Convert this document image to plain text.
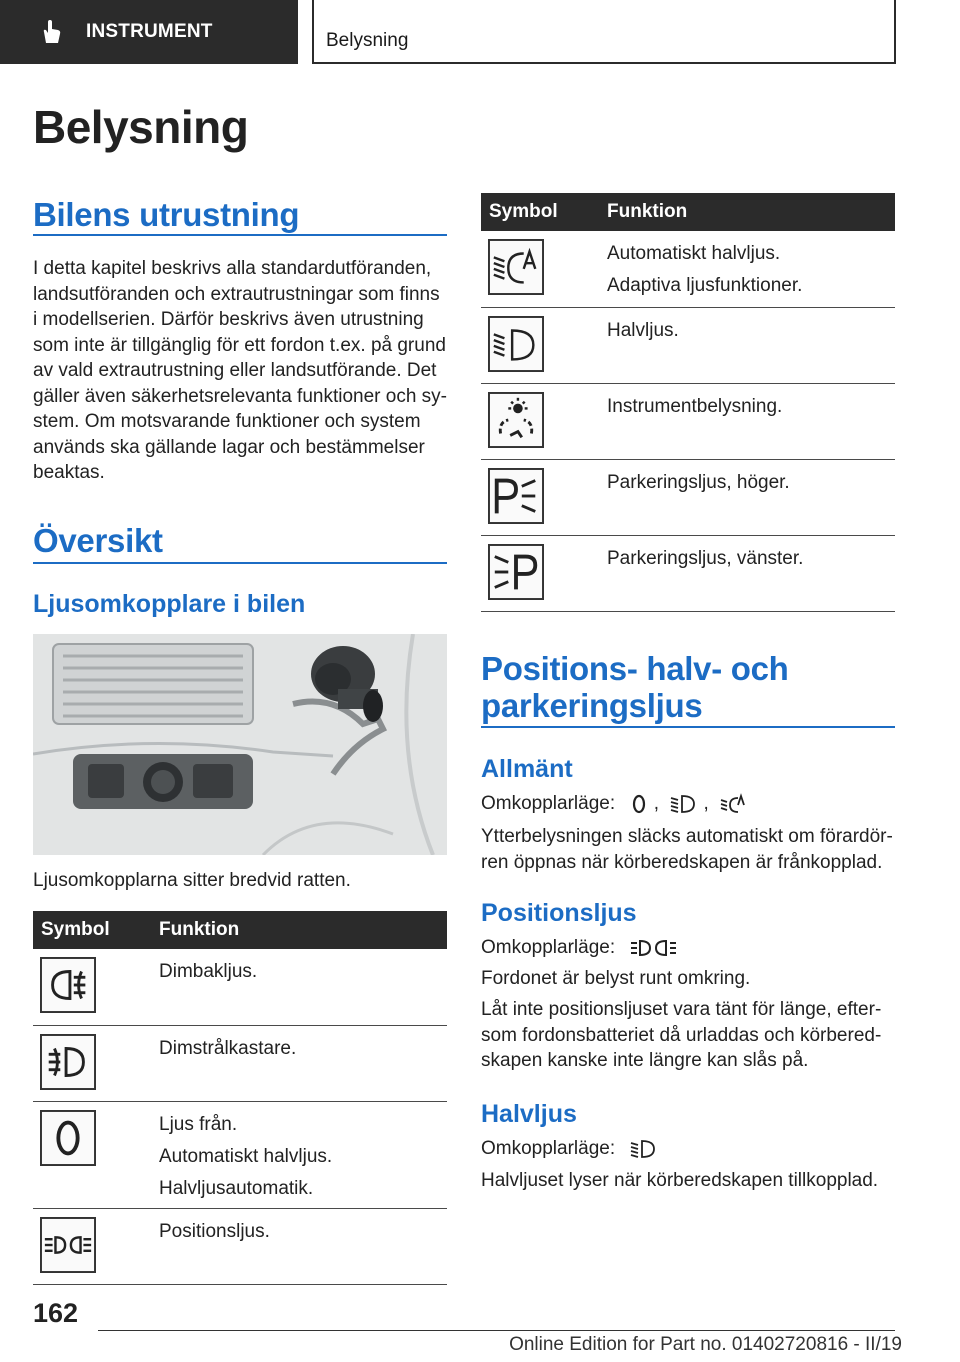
INSTRUMENT	Belysning
Belysning
Bilens utrustning
I detta kapitel beskrivs alla standardutföranden,
landsutföranden och extrautrustningar som finns
i modellserien. Därför beskrivs även utrustning
som inte är tillgänglig för ett fordon t.ex. på grund
av vald extrautrustning eller landsutförande. Det
gäller även säkerhetsrelevanta funktioner och sy-
stem. Om motsvarande funktioner och system
används ska gällande lagar och bestämmelser
beaktas.
Översikt
Ljusomkopplare i bilen
Ljusomkopplarna sitter bredvid ratten.
Symbol	Funktion

Dimbakljus.

Dimstrålkastare.

Ljus från.
Automatiskt halvljus.
Halvljusautomatik.

Positionsljus.
Symbol	Funktion

Automatiskt halvljus.
Adaptiva ljusfunktioner.

Halvljus.

Instrumentbelysning.

Parkeringsljus, höger.

Parkeringsljus, vänster.
Positions- halv- och
parkeringsljus
Allmänt
Omkopplarläge: , ,
Ytterbelysningen släcks automatiskt om förardör-
ren öppnas när körberedskapen är frånkopplad.
Positionsljus
Omkopplarläge:
Fordonet är belyst runt omkring.
Låt inte positionsljuset vara tänt för länge, efter-
som fordonsbatteriet då urladdas och körbered-
skapen kanske inte längre kan slås på.
Halvljus
Omkopplarläge:
Halvljuset lyser när körberedskapen tillkopplad.
162
Online Edition for Part no. 01402720816 - II/19
